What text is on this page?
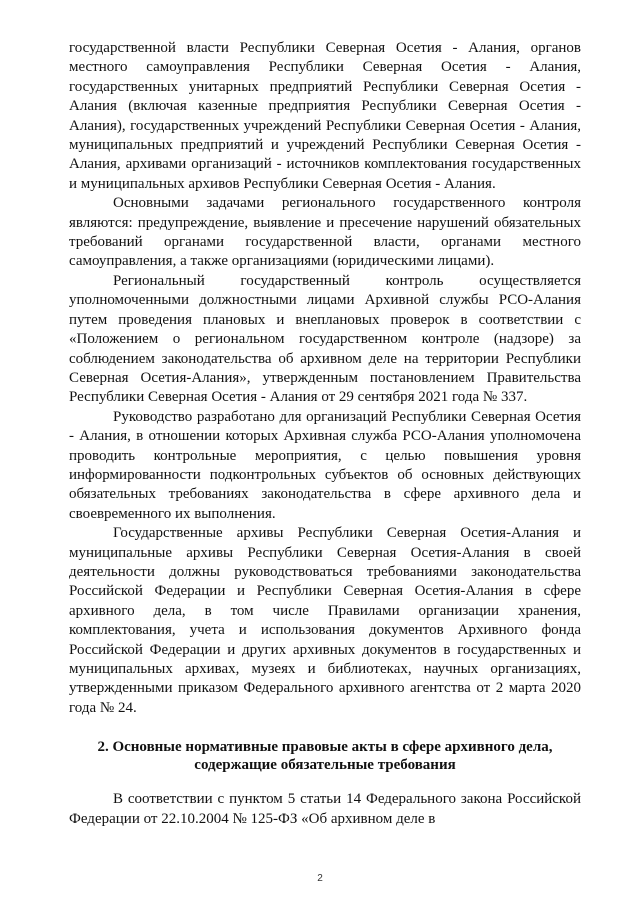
государственной власти Республики Северная Осетия - Алания, органов местного самоуправления Республики Северная Осетия - Алания, государственных унитарных предприятий Республики Северная Осетия - Алания (включая казенные предприятия Республики Северная Осетия - Алания), государственных учреждений Республики Северная Осетия - Алания, муниципальных предприятий и учреждений Республики Северная Осетия - Алания, архивами организаций - источников комплектования государственных и муниципальных архивов Республики Северная Осетия - Алания.

Основными задачами регионального государственного контроля являются: предупреждение, выявление и пресечение нарушений обязательных требований органами государственной власти, органами местного самоуправления, а также организациями (юридическими лицами).

Региональный государственный контроль осуществляется уполномоченными должностными лицами Архивной службы РСО-Алания путем проведения плановых и внеплановых проверок в соответствии с «Положением о региональном государственном контроле (надзоре) за соблюдением законодательства об архивном деле на территории Республики Северная Осетия-Алания», утвержденным постановлением Правительства Республики Северная Осетия - Алания от 29 сентября 2021 года № 337.

Руководство разработано для организаций Республики Северная Осетия - Алания, в отношении которых Архивная служба РСО-Алания уполномочена проводить контрольные мероприятия, с целью повышения уровня информированности подконтрольных субъектов об основных действующих обязательных требованиях законодательства в сфере архивного дела и своевременного их выполнения.

Государственные архивы Республики Северная Осетия-Алания и муниципальные архивы Республики Северная Осетия-Алания в своей деятельности должны руководствоваться требованиями законодательства Российской Федерации и Республики Северная Осетия-Алания в сфере архивного дела, в том числе Правилами организации хранения, комплектования, учета и использования документов Архивного фонда Российской Федерации и других архивных документов в государственных и муниципальных архивах, музеях и библиотеках, научных организациях, утвержденными приказом Федерального архивного агентства от 2 марта 2020 года № 24.

2. Основные нормативные правовые акты в сфере архивного дела,
содержащие обязательные требования

В соответствии с пунктом 5 статьи 14 Федерального закона Российской Федерации от 22.10.2004 № 125-ФЗ «Об архивном деле в

2
